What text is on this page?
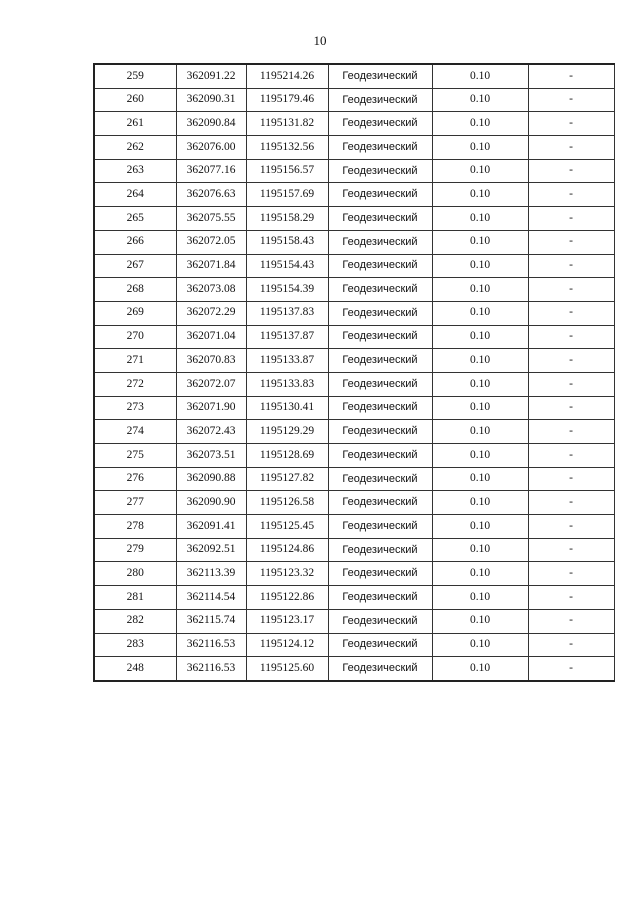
10
259	362091.22	1195214.26	Геодезический	0.10	-
260	362090.31	1195179.46	Геодезический	0.10	-
261	362090.84	1195131.82	Геодезический	0.10	-
262	362076.00	1195132.56	Геодезический	0.10	-
263	362077.16	1195156.57	Геодезический	0.10	-
264	362076.63	1195157.69	Геодезический	0.10	-
265	362075.55	1195158.29	Геодезический	0.10	-
266	362072.05	1195158.43	Геодезический	0.10	-
267	362071.84	1195154.43	Геодезический	0.10	-
268	362073.08	1195154.39	Геодезический	0.10	-
269	362072.29	1195137.83	Геодезический	0.10	-
270	362071.04	1195137.87	Геодезический	0.10	-
271	362070.83	1195133.87	Геодезический	0.10	-
272	362072.07	1195133.83	Геодезический	0.10	-
273	362071.90	1195130.41	Геодезический	0.10	-
274	362072.43	1195129.29	Геодезический	0.10	-
275	362073.51	1195128.69	Геодезический	0.10	-
276	362090.88	1195127.82	Геодезический	0.10	-
277	362090.90	1195126.58	Геодезический	0.10	-
278	362091.41	1195125.45	Геодезический	0.10	-
279	362092.51	1195124.86	Геодезический	0.10	-
280	362113.39	1195123.32	Геодезический	0.10	-
281	362114.54	1195122.86	Геодезический	0.10	-
282	362115.74	1195123.17	Геодезический	0.10	-
283	362116.53	1195124.12	Геодезический	0.10	-
248	362116.53	1195125.60	Геодезический	0.10	-
